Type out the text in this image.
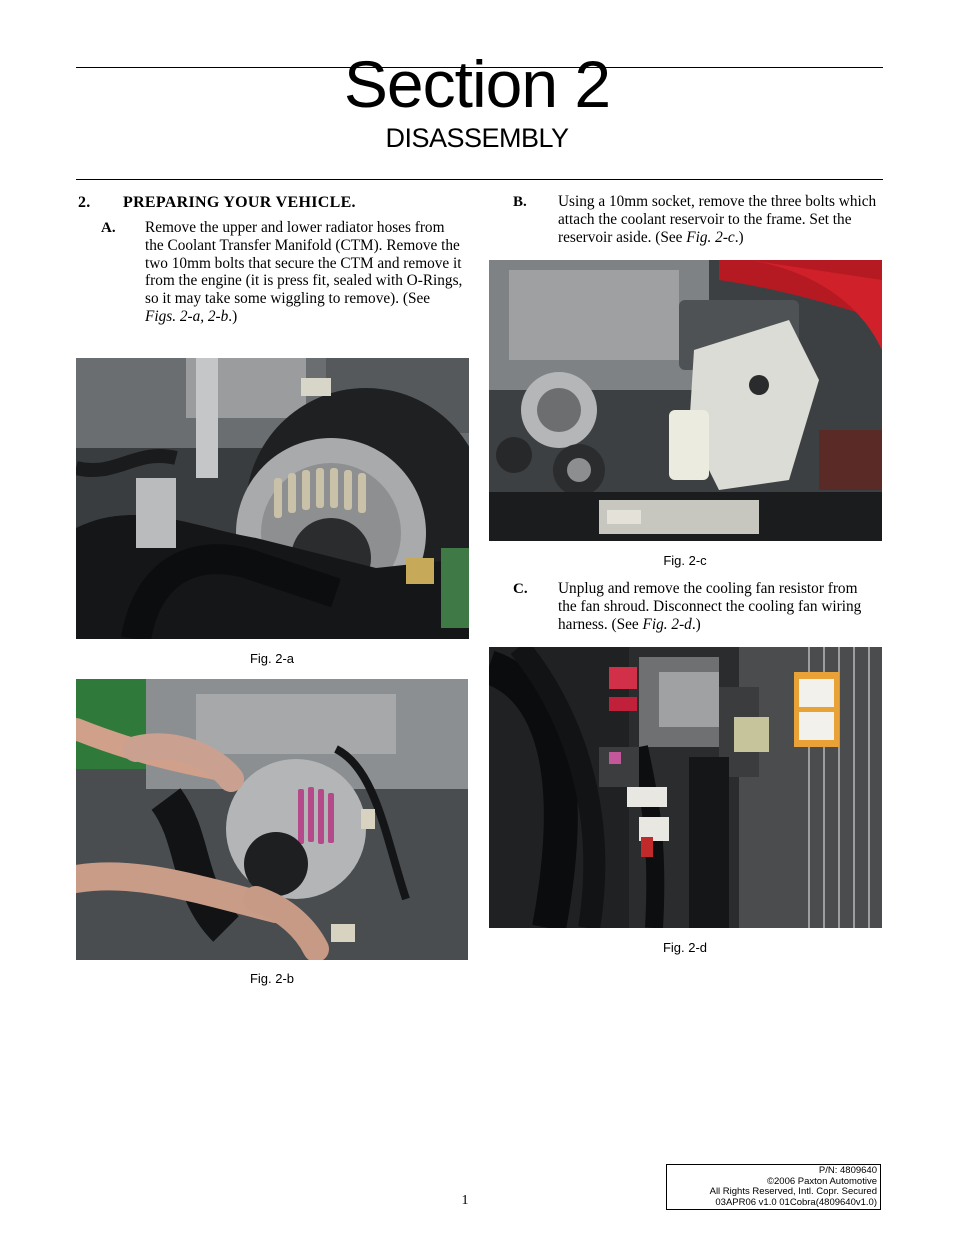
Section 2
DISASSEMBLY
2. PREPARING YOUR VEHICLE.
A. Remove the upper and lower radiator hoses from the Coolant Transfer Manifold (CTM). Remove the two 10mm bolts that secure the CTM and remove it from the engine (it is press fit, sealed with O-Rings, so it may take some wiggling to remove). (See Figs. 2-a, 2-b.)
Fig. 2-a
Fig. 2-b
B. Using a 10mm socket, remove the three bolts which attach the coolant reservoir to the frame. Set the reservoir aside. (See Fig. 2-c.)
Fig. 2-c
C. Unplug and remove the cooling fan resistor from the fan shroud. Disconnect the cooling fan wiring harness. (See Fig. 2-d.)
Fig. 2-d
1
P/N: 4809640
©2006 Paxton Automotive
All Rights Reserved, Intl. Copr. Secured
03APR06 v1.0 01Cobra(4809640v1.0)
